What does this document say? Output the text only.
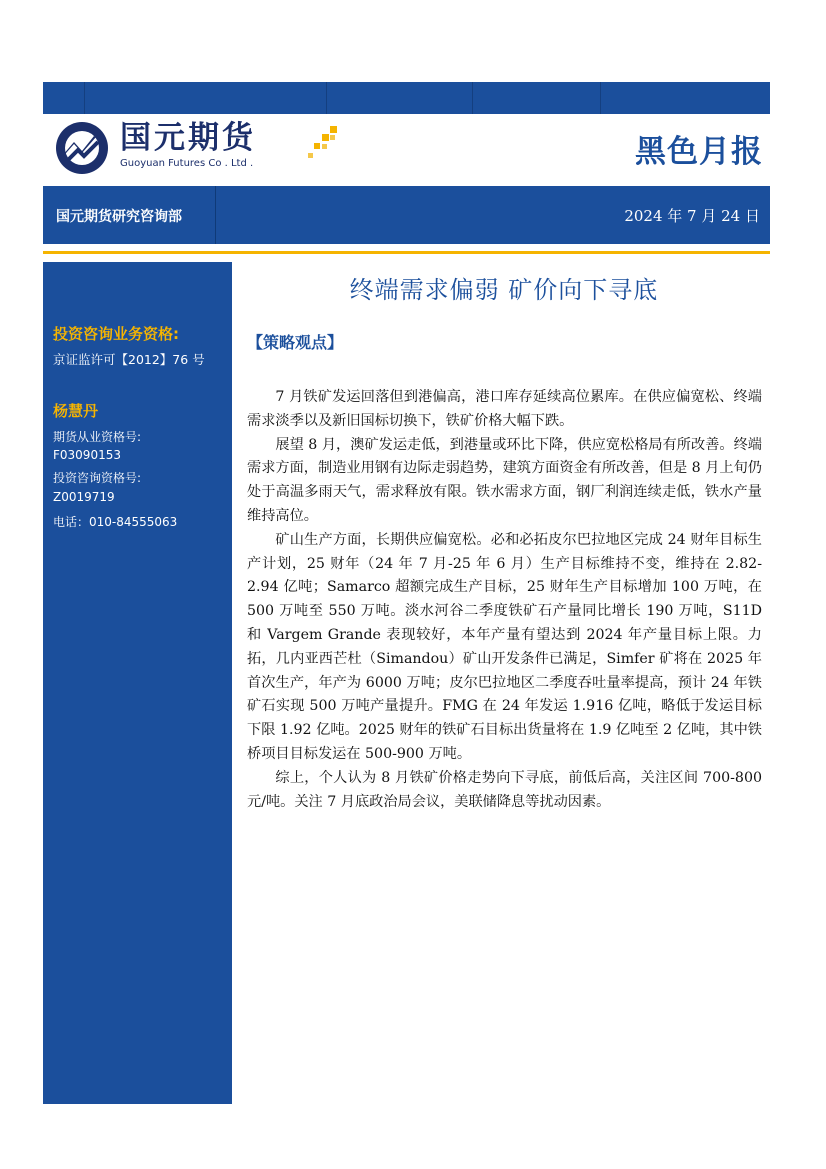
国元期货
Guoyuan Futures Co . Ltd .	黑色月报
国元期货研究咨询部	2024 年 7 月 24 日
投资咨询业务资格:
京证监许可【2012】76 号
杨慧丹
期货从业资格号:
F03090153
投资咨询资格号:
Z0019719
电话：010-84555063
终端需求偏弱 矿价向下寻底
【策略观点】

7 月铁矿发运回落但到港偏高，港口库存延续高位累库。在供应偏宽松、终端需求淡季以及新旧国标切换下，铁矿价格大幅下跌。

展望 8 月，澳矿发运走低，到港量或环比下降，供应宽松格局有所改善。终端需求方面，制造业用钢有边际走弱趋势，建筑方面资金有所改善，但是 8 月上旬仍处于高温多雨天气，需求释放有限。铁水需求方面，钢厂利润连续走低，铁水产量维持高位。

矿山生产方面，长期供应偏宽松。必和必拓皮尔巴拉地区完成 24 财年目标生产计划，25 财年（24 年 7 月-25 年 6 月）生产目标维持不变，维持在 2.82-2.94 亿吨；Samarco 超额完成生产目标，25 财年生产目标增加 100 万吨，在 500 万吨至 550 万吨。淡水河谷二季度铁矿石产量同比增长 190 万吨，S11D 和 Vargem Grande 表现较好，本年产量有望达到 2024 年产量目标上限。力拓，几内亚西芒杜（Simandou）矿山开发条件已满足，Simfer 矿将在 2025 年首次生产，年产为 6000 万吨；皮尔巴拉地区二季度吞吐量率提高，预计 24 年铁矿石实现 500 万吨产量提升。FMG 在 24 年发运 1.916 亿吨，略低于发运目标下限 1.92 亿吨。2025 财年的铁矿石目标出货量将在 1.9 亿吨至 2 亿吨，其中铁桥项目目标发运在 500-900 万吨。

综上，个人认为 8 月铁矿价格走势向下寻底，前低后高，关注区间 700-800 元/吨。关注 7 月底政治局会议，美联储降息等扰动因素。
